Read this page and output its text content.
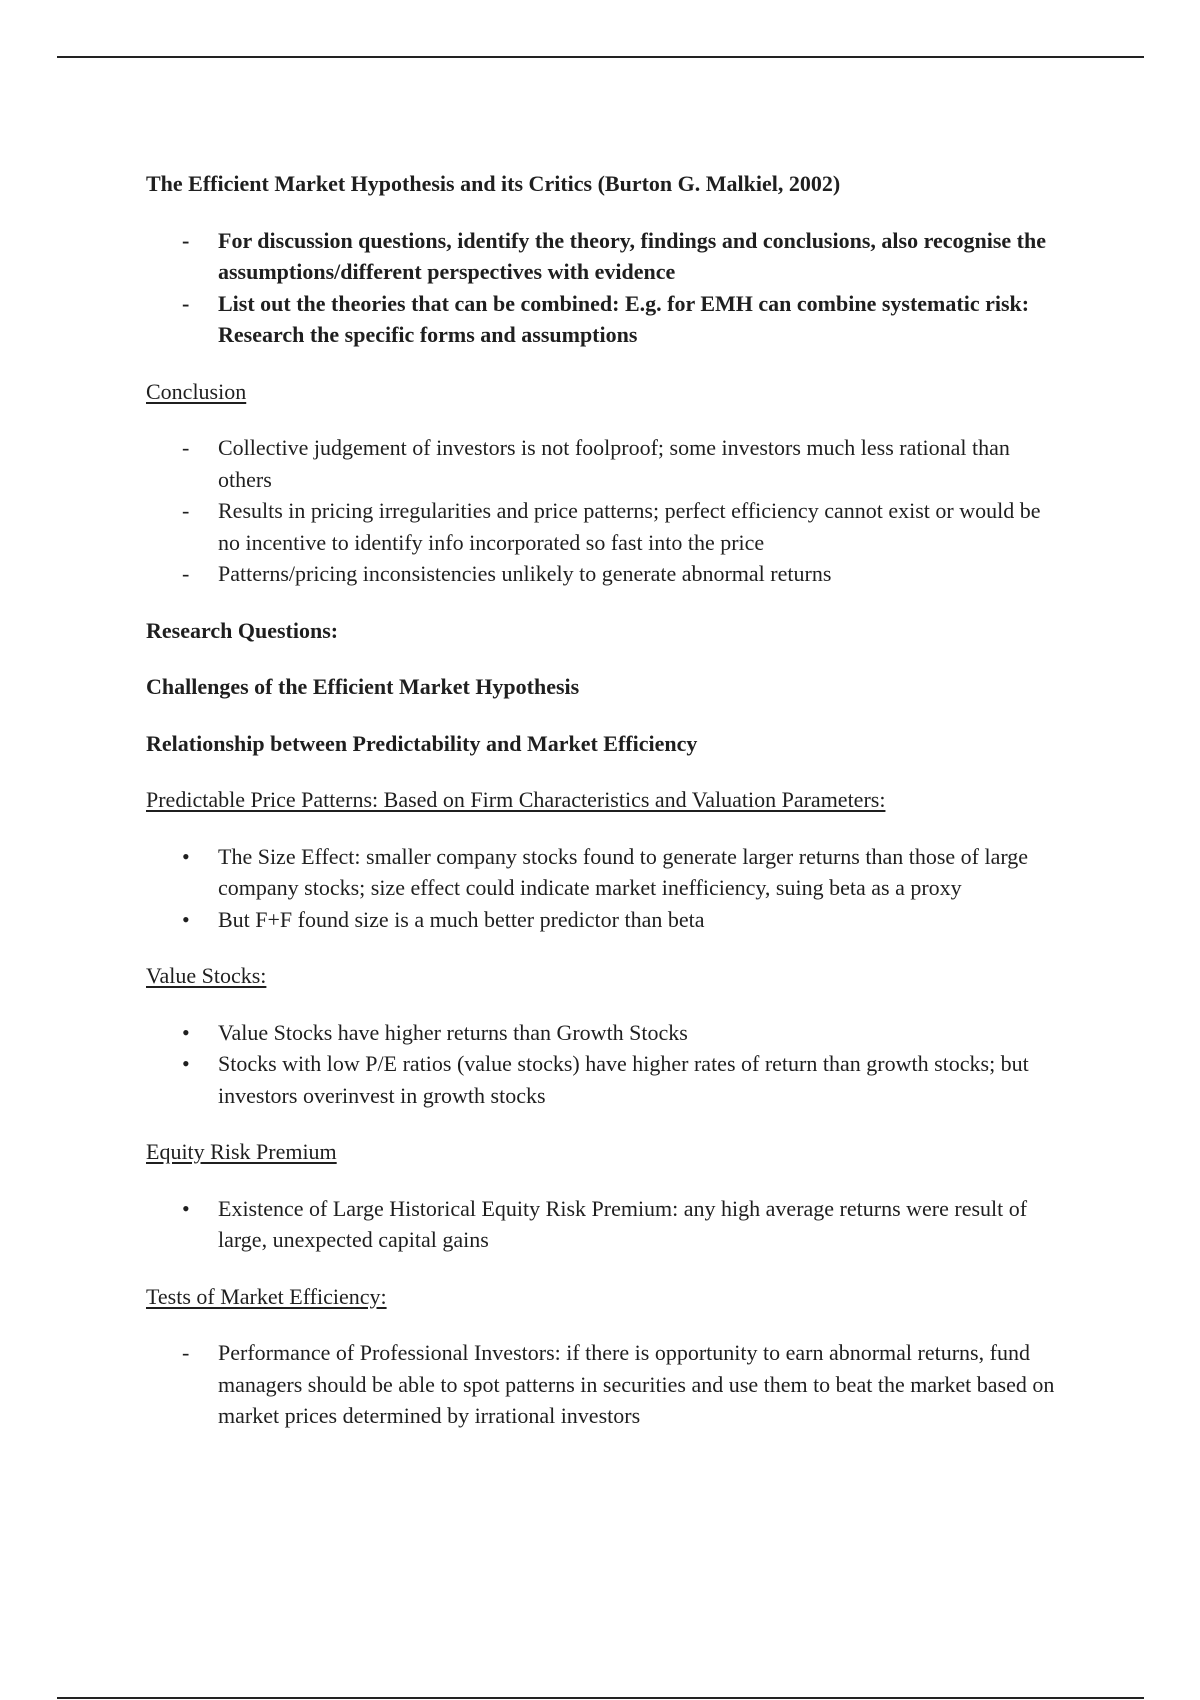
The Efficient Market Hypothesis and its Critics (Burton G. Malkiel, 2002)

-	For discussion questions, identify the theory, findings and conclusions, also recognise the assumptions/different perspectives with evidence
-	List out the theories that can be combined: E.g. for EMH can combine systematic risk: Research the specific forms and assumptions

Conclusion

-	Collective judgement of investors is not foolproof; some investors much less rational than others
-	Results in pricing irregularities and price patterns; perfect efficiency cannot exist or would be no incentive to identify info incorporated so fast into the price
-	Patterns/pricing inconsistencies unlikely to generate abnormal returns

Research Questions:

Challenges of the Efficient Market Hypothesis

Relationship between Predictability and Market Efficiency

Predictable Price Patterns: Based on Firm Characteristics and Valuation Parameters:

•	The Size Effect: smaller company stocks found to generate larger returns than those of large company stocks; size effect could indicate market inefficiency, suing beta as a proxy
•	But F+F found size is a much better predictor than beta

Value Stocks:

•	Value Stocks have higher returns than Growth Stocks
•	Stocks with low P/E ratios (value stocks) have higher rates of return than growth stocks; but investors overinvest in growth stocks

Equity Risk Premium

•	Existence of Large Historical Equity Risk Premium: any high average returns were result of large, unexpected capital gains

Tests of Market Efficiency:

-	Performance of Professional Investors: if there is opportunity to earn abnormal returns, fund managers should be able to spot patterns in securities and use them to beat the market based on market prices determined by irrational investors
